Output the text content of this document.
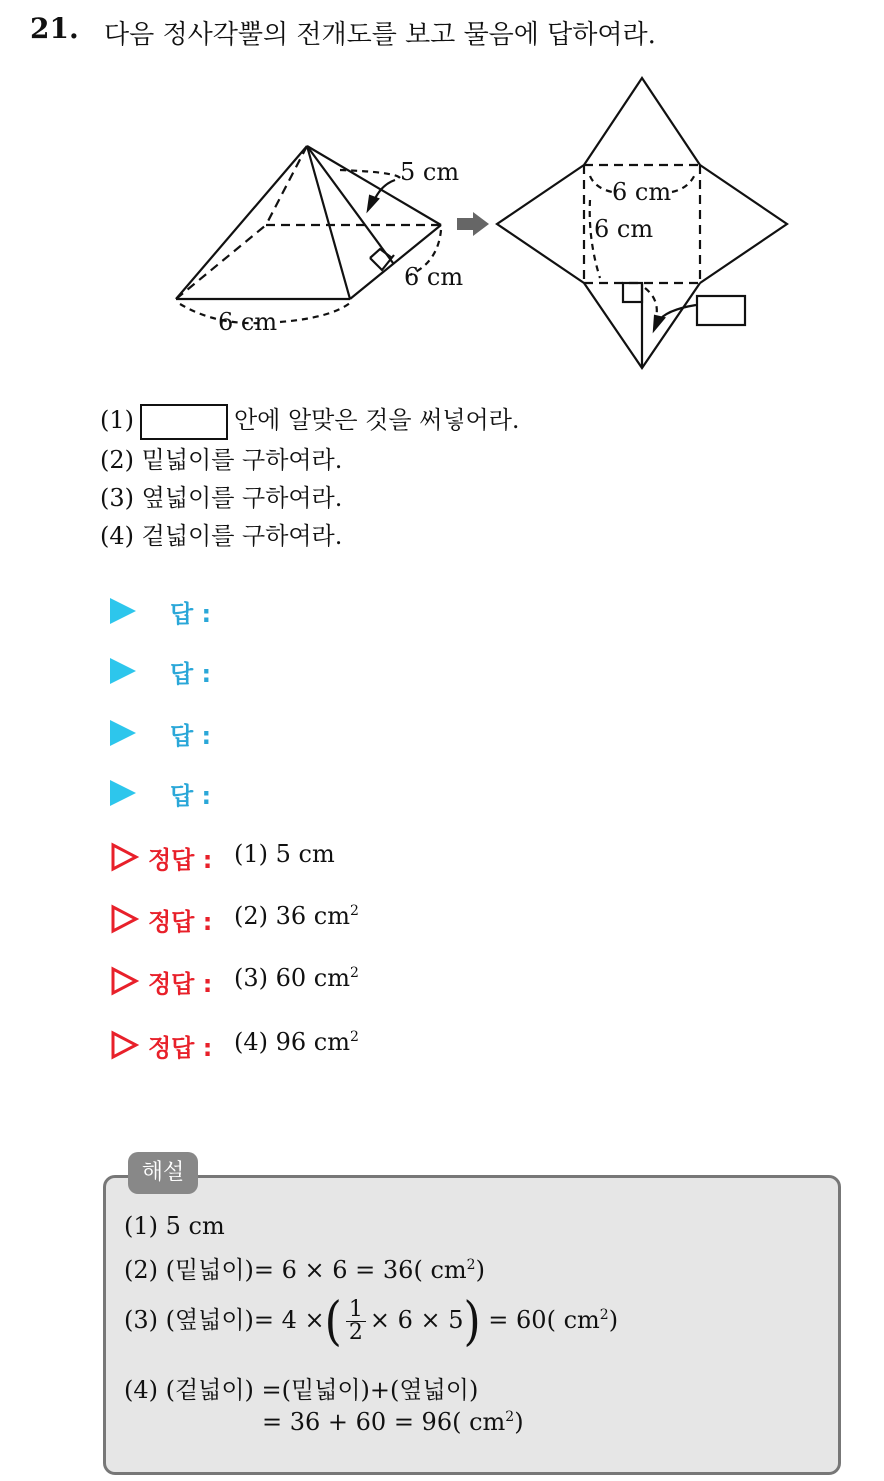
21. 다음 정사각뿔의 전개도를 보고 물음에 답하여라.
5 cm
6 cm
6 cm
6 cm
6 cm
(1)	안에 알맞은 것을 써넣어라.
(2) 밑넓이를 구하여라.
(3) 옆넓이를 구하여라.
(4) 겉넓이를 구하여라.
답 :
답 :
답 :
답 :
정답 : (1) 5 cm
정답 : (2) 36 $cm^2$
정답 : (3) 60 $cm^2$
정답 : (4) 96 $cm^2$
해설
(1) 5 cm
(2) (밑넓이)= 6 × 6 = 36( $cm^2$)
(3) (옆넓이)= 4 ×( $\frac{1}{2} \times 6 \times 5) = 60$( $cm^2$)
(4) (겉넓이) =(밑넓이)+(옆넓이)
= 36 + 60 = 96( $cm^2$)
